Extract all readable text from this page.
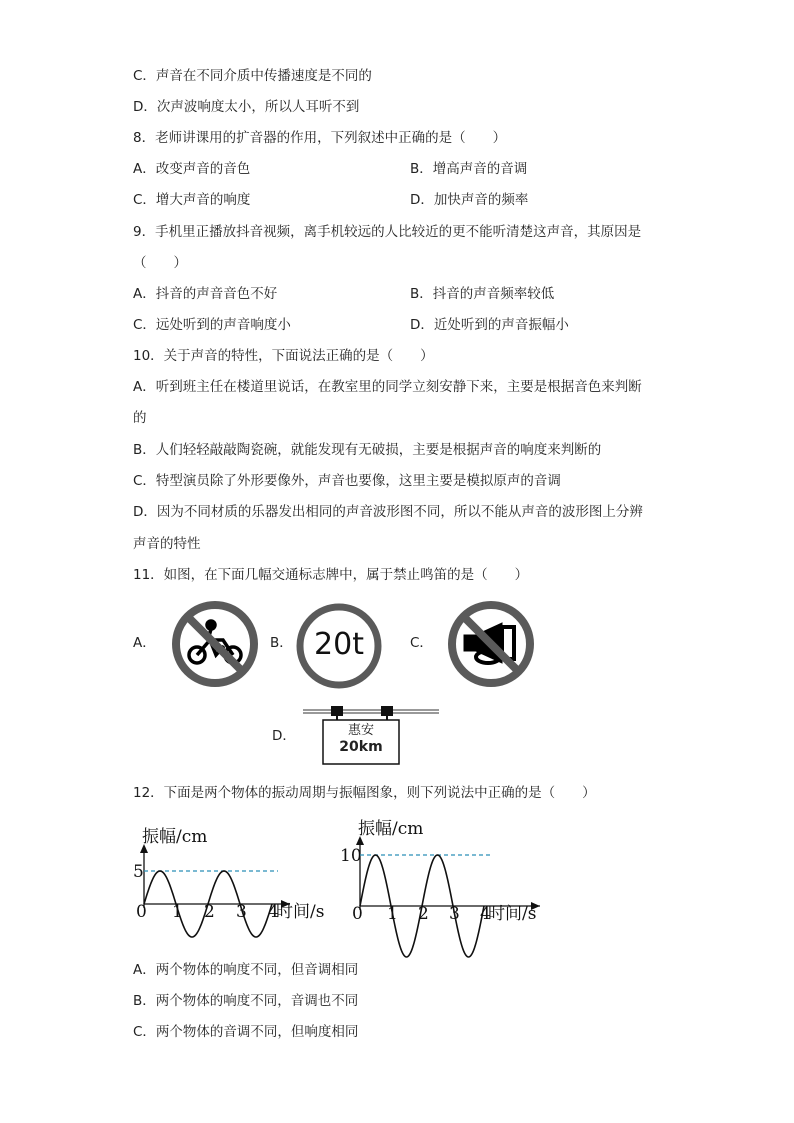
C．声音在不同介质中传播速度是不同的
D．次声波响度太小，所以人耳听不到
8．老师讲课用的扩音器的作用，下列叙述中正确的是（　　）
A．改变声音的音色	B．增高声音的音调
C．增大声音的响度	D．加快声音的频率
9．手机里正播放抖音视频，离手机较远的人比较近的更不能听清楚这声音，其原因是
（　　）
A．抖音的声音音色不好	B．抖音的声音频率较低
C．远处听到的声音响度小	D．近处听到的声音振幅小
10．关于声音的特性，下面说法正确的是（　　）
A．听到班主任在楼道里说话，在教室里的同学立刻安静下来，主要是根据音色来判断
的
B．人们轻轻敲敲陶瓷碗，就能发现有无破损，主要是根据声音的响度来判断的
C．特型演员除了外形要像外，声音也要像，这里主要是模拟原声的音调
D．因为不同材质的乐器发出相同的声音波形图不同，所以不能从声音的波形图上分辨
声音的特性
11．如图，在下面几幅交通标志牌中，属于禁止鸣笛的是（　　）
A．	B． 20t	C．
D．	惠安
20km
12．下面是两个物体的振动周期与振幅图象，则下列说法中正确的是（　　）
振幅/cm
时间/s
0 1 2 3 4
5
振幅/cm
时间/s
0 1 2 3 4
10
A．两个物体的响度不同，但音调相同
B．两个物体的响度不同，音调也不同
C．两个物体的音调不同，但响度相同
